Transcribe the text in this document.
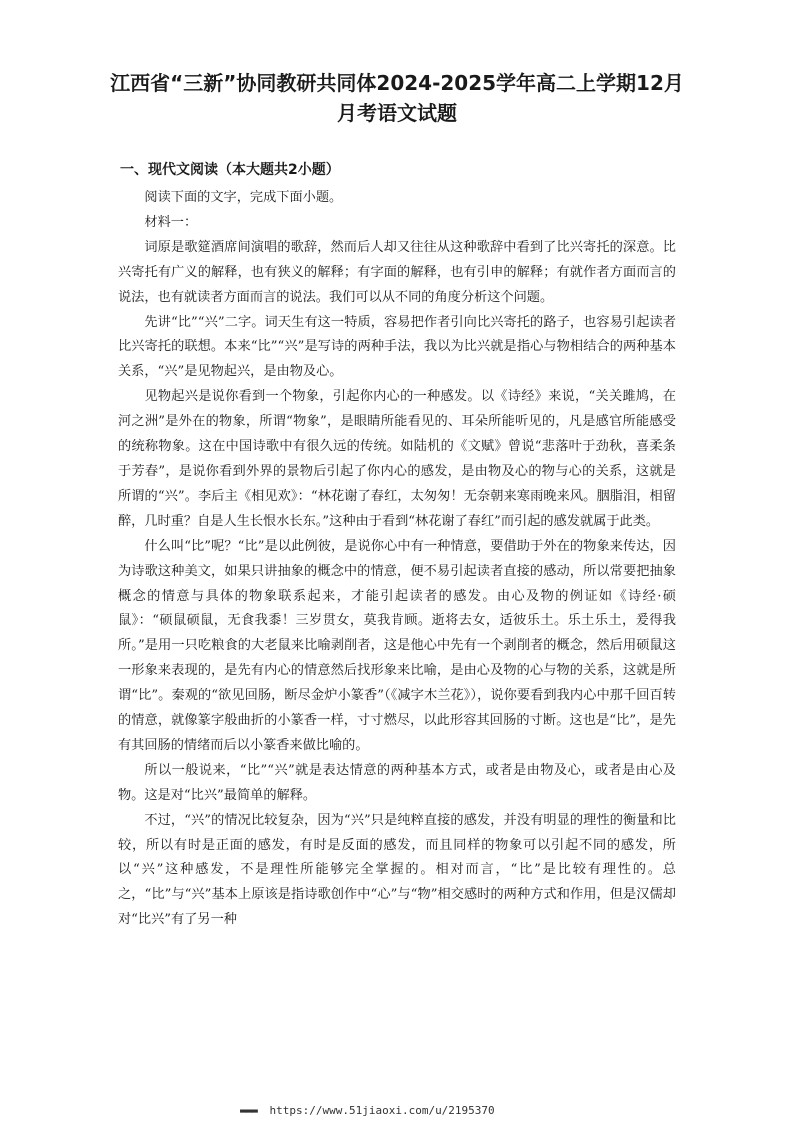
江西省“三新”协同教研共同体2024-2025学年高二上学期12月月考语文试题
一、现代文阅读（本大题共2小题）

阅读下面的文字，完成下面小题。

材料一：

词原是歌筵酒席间演唱的歌辞，然而后人却又往往从这种歌辞中看到了比兴寄托的深意。比兴寄托有广义的解释，也有狭义的解释；有字面的解释，也有引申的解释；有就作者方面而言的说法，也有就读者方面而言的说法。我们可以从不同的角度分析这个问题。

先讲“比”“兴”二字。词天生有这一特质，容易把作者引向比兴寄托的路子，也容易引起读者比兴寄托的联想。本来“比”“兴”是写诗的两种手法，我以为比兴就是指心与物相结合的两种基本关系，“兴”是见物起兴，是由物及心。

见物起兴是说你看到一个物象，引起你内心的一种感发。以《诗经》来说，“关关雎鸠，在河之洲”是外在的物象，所谓“物象”，是眼睛所能看见的、耳朵所能听见的，凡是感官所能感受的统称物象。这在中国诗歌中有很久远的传统。如陆机的《文赋》曾说“悲落叶于劲秋，喜柔条于芳春”，是说你看到外界的景物后引起了你内心的感发，是由物及心的物与心的关系，这就是所谓的“兴”。李后主《相见欢》：“林花谢了春红，太匆匆！无奈朝来寒雨晚来风。胭脂泪，相留醉，几时重？自是人生长恨水长东。”这种由于看到“林花谢了春红”而引起的感发就属于此类。

什么叫“比”呢？“比”是以此例彼，是说你心中有一种情意，要借助于外在的物象来传达，因为诗歌这种美文，如果只讲抽象的概念中的情意，便不易引起读者直接的感动，所以常要把抽象概念的情意与具体的物象联系起来，才能引起读者的感发。由心及物的例证如《诗经·硕鼠》：“硕鼠硕鼠，无食我黍！三岁贯女，莫我肯顾。逝将去女，适彼乐土。乐土乐土，爰得我所。”是用一只吃粮食的大老鼠来比喻剥削者，这是他心中先有一个剥削者的概念，然后用硕鼠这一形象来表现的，是先有内心的情意然后找形象来比喻，是由心及物的心与物的关系，这就是所谓“比”。秦观的“欲见回肠，断尽金炉小篆香”（《减字木兰花》），说你要看到我内心中那千回百转的情意，就像篆字般曲折的小篆香一样，寸寸燃尽，以此形容其回肠的寸断。这也是“比”，是先有其回肠的情绪而后以小篆香来做比喻的。

所以一般说来，“比”“兴”就是表达情意的两种基本方式，或者是由物及心，或者是由心及物。这是对“比兴”最简单的解释。

不过，“兴”的情况比较复杂，因为“兴”只是纯粹直接的感发，并没有明显的理性的衡量和比较，所以有时是正面的感发，有时是反面的感发，而且同样的物象可以引起不同的感发，所以“兴”这种感发，不是理性所能够完全掌握的。相对而言，“比”是比较有理性的。总之，“比”与“兴”基本上原该是指诗歌创作中“心”与“物”相交感时的两种方式和作用，但是汉儒却对“比兴”有了另一种

▬▬▬ https://www.51jiaoxi.com/u/2195370
